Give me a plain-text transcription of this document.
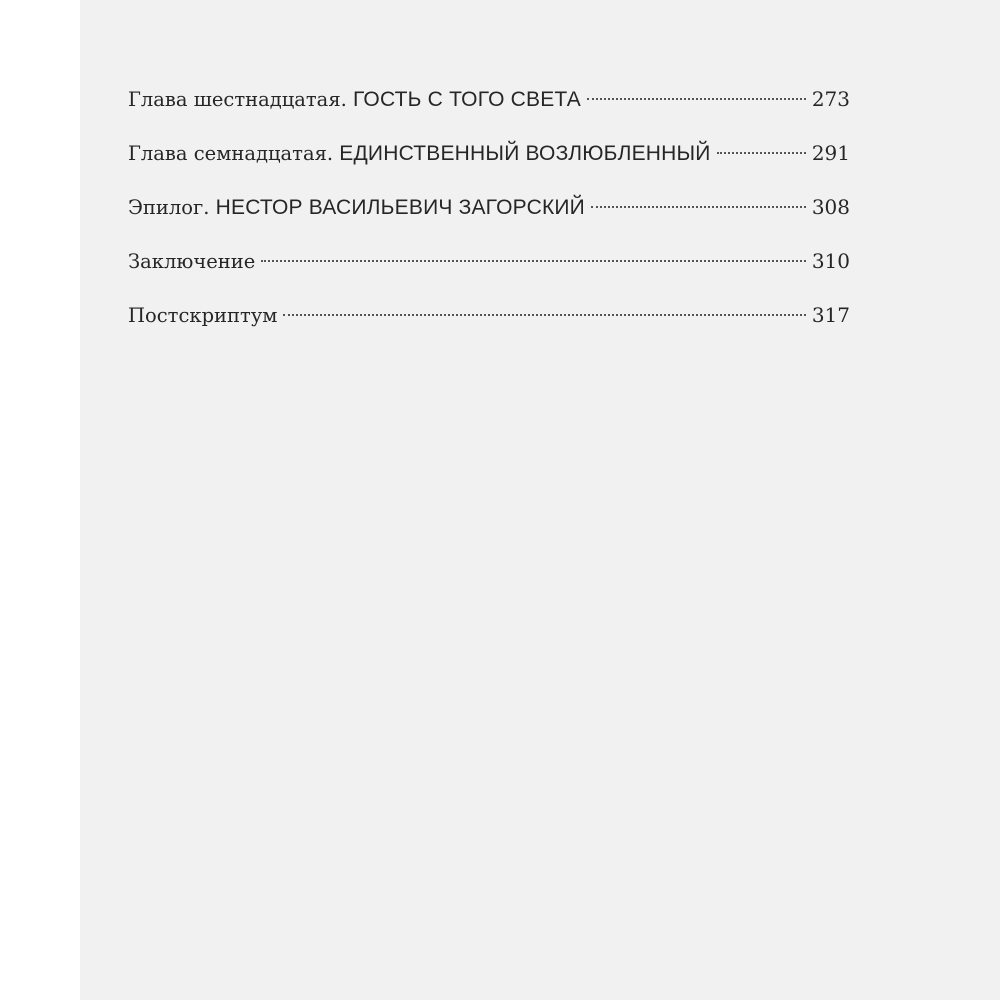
Глава шестнадцатая. ГОСТЬ С ТОГО СВЕТА	273
Глава семнадцатая. ЕДИНСТВЕННЫЙ ВОЗЛЮБЛЕННЫЙ	291
Эпилог. НЕСТОР ВАСИЛЬЕВИЧ ЗАГОРСКИЙ	308
Заключение	310
Постскриптум	317
